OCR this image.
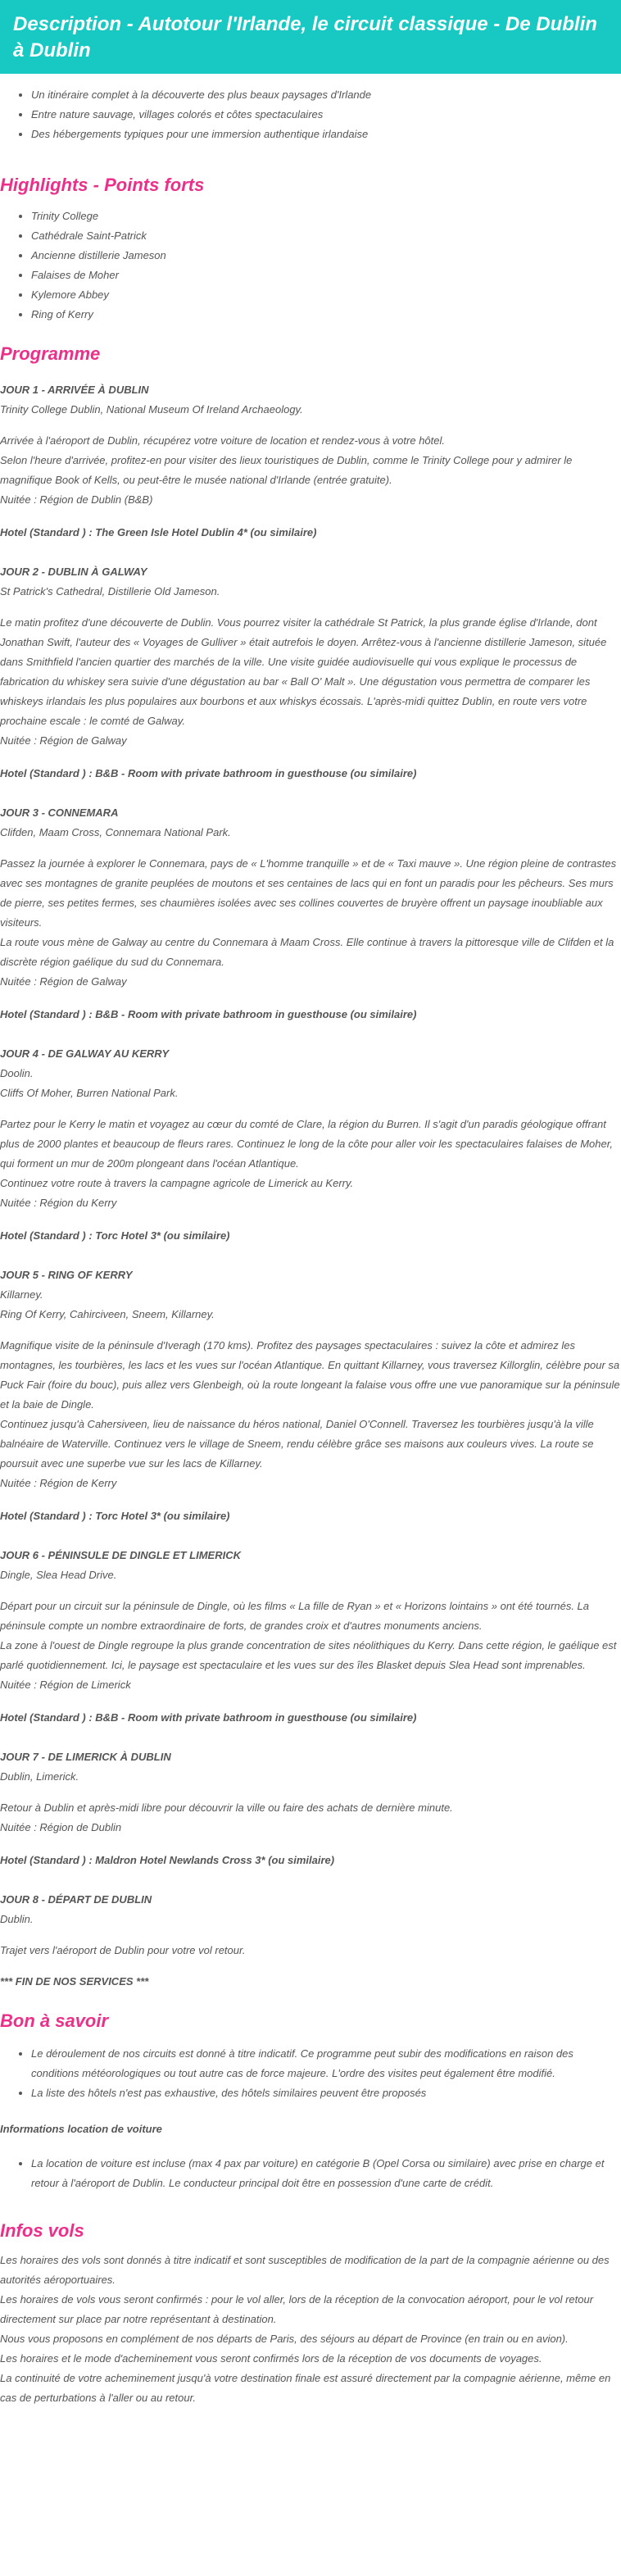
Description - Autotour l'Irlande, le circuit classique - De Dublin à Dublin
• Un itinéraire complet à la découverte des plus beaux paysages d'Irlande
• Entre nature sauvage, villages colorés et côtes spectaculaires
• Des hébergements typiques pour une immersion authentique irlandaise
Highlights - Points forts
• Trinity College
• Cathédrale Saint-Patrick
• Ancienne distillerie Jameson
• Falaises de Moher
• Kylemore Abbey
• Ring of Kerry
Programme
JOUR 1 - ARRIVÉE À DUBLIN
Trinity College Dublin, National Museum Of Ireland Archaeology.
Arrivée à l'aéroport de Dublin, récupérez votre voiture de location et rendez-vous à votre hôtel.
Selon l'heure d'arrivée, profitez-en pour visiter des lieux touristiques de Dublin, comme le Trinity College pour y admirer le magnifique Book of Kells, ou peut-être le musée national d'Irlande (entrée gratuite).
Nuitée : Région de Dublin (B&B)
Hotel (Standard ) : The Green Isle Hotel Dublin 4* (ou similaire)
JOUR 2 - DUBLIN À GALWAY
St Patrick's Cathedral, Distillerie Old Jameson.
Le matin profitez d'une découverte de Dublin. Vous pourrez visiter la cathédrale St Patrick, la plus grande église d'Irlande, dont Jonathan Swift, l'auteur des « Voyages de Gulliver » était autrefois le doyen. Arrêtez-vous à l'ancienne distillerie Jameson, située dans Smithfield l'ancien quartier des marchés de la ville. Une visite guidée audiovisuelle qui vous explique le processus de fabrication du whiskey sera suivie d'une dégustation au bar « Ball O' Malt ». Une dégustation vous permettra de comparer les whiskeys irlandais les plus populaires aux bourbons et aux whiskys écossais. L'après-midi quittez Dublin, en route vers votre prochaine escale : le comté de Galway.
Nuitée : Région de Galway
Hotel (Standard ) : B&B - Room with private bathroom in guesthouse (ou similaire)
JOUR 3 - CONNEMARA
Clifden, Maam Cross, Connemara National Park.
Passez la journée à explorer le Connemara, pays de « L'homme tranquille » et de « Taxi mauve ». Une région pleine de contrastes avec ses montagnes de granite peuplées de moutons et ses centaines de lacs qui en font un paradis pour les pêcheurs. Ses murs de pierre, ses petites fermes, ses chaumières isolées avec ses collines couvertes de bruyère offrent un paysage inoubliable aux visiteurs.
La route vous mène de Galway au centre du Connemara à Maam Cross. Elle continue à travers la pittoresque ville de Clifden et la discrète région gaélique du sud du Connemara.
Nuitée : Région de Galway
Hotel (Standard ) : B&B - Room with private bathroom in guesthouse (ou similaire)
JOUR 4 - DE GALWAY AU KERRY
Doolin.
Cliffs Of Moher, Burren National Park.
Partez pour le Kerry le matin et voyagez au cœur du comté de Clare, la région du Burren. Il s'agit d'un paradis géologique offrant plus de 2000 plantes et beaucoup de fleurs rares. Continuez le long de la côte pour aller voir les spectaculaires falaises de Moher, qui forment un mur de 200m plongeant dans l'océan Atlantique.
Continuez votre route à travers la campagne agricole de Limerick au Kerry.
Nuitée : Région du Kerry
Hotel (Standard ) : Torc Hotel 3* (ou similaire)
JOUR 5 - RING OF KERRY
Killarney.
Ring Of Kerry, Cahirciveen, Sneem, Killarney.
Magnifique visite de la péninsule d'Iveragh (170 kms). Profitez des paysages spectaculaires : suivez la côte et admirez les montagnes, les tourbières, les lacs et les vues sur l'océan Atlantique. En quittant Killarney, vous traversez Killorglin, célèbre pour sa Puck Fair (foire du bouc), puis allez vers Glenbeigh, où la route longeant la falaise vous offre une vue panoramique sur la péninsule et la baie de Dingle.
Continuez jusqu'à Cahersiveen, lieu de naissance du héros national, Daniel O'Connell. Traversez les tourbières jusqu'à la ville balnéaire de Waterville. Continuez vers le village de Sneem, rendu célèbre grâce ses maisons aux couleurs vives. La route se poursuit avec une superbe vue sur les lacs de Killarney.
Nuitée : Région de Kerry
Hotel (Standard ) : Torc Hotel 3* (ou similaire)
JOUR 6 - PÉNINSULE DE DINGLE ET LIMERICK
Dingle, Slea Head Drive.
Départ pour un circuit sur la péninsule de Dingle, où les films « La fille de Ryan » et « Horizons lointains » ont été tournés. La péninsule compte un nombre extraordinaire de forts, de grandes croix et d'autres monuments anciens.
La zone à l'ouest de Dingle regroupe la plus grande concentration de sites néolithiques du Kerry. Dans cette région, le gaélique est parlé quotidiennement. Ici, le paysage est spectaculaire et les vues sur des îles Blasket depuis Slea Head sont imprenables.
Nuitée : Région de Limerick
Hotel (Standard ) : B&B - Room with private bathroom in guesthouse (ou similaire)
JOUR 7 - DE LIMERICK À DUBLIN
Dublin, Limerick.
Retour à Dublin et après-midi libre pour découvrir la ville ou faire des achats de dernière minute.
Nuitée : Région de Dublin
Hotel (Standard ) : Maldron Hotel Newlands Cross 3* (ou similaire)
JOUR 8 - DÉPART DE DUBLIN
Dublin.
Trajet vers l'aéroport de Dublin pour votre vol retour.
*** FIN DE NOS SERVICES ***
Bon à savoir
• Le déroulement de nos circuits est donné à titre indicatif. Ce programme peut subir des modifications en raison des conditions météorologiques ou tout autre cas de force majeure. L'ordre des visites peut également être modifié.
• La liste des hôtels n'est pas exhaustive, des hôtels similaires peuvent être proposés
Informations location de voiture
• La location de voiture est incluse (max 4 pax par voiture) en catégorie B (Opel Corsa ou similaire) avec prise en charge et retour à l'aéroport de Dublin. Le conducteur principal doit être en possession d'une carte de crédit.
Infos vols
Les horaires des vols sont donnés à titre indicatif et sont susceptibles de modification de la part de la compagnie aérienne ou des autorités aéroportuaires.
Les horaires de vols vous seront confirmés : pour le vol aller, lors de la réception de la convocation aéroport, pour le vol retour directement sur place par notre représentant à destination.
Nous vous proposons en complément de nos départs de Paris, des séjours au départ de Province (en train ou en avion).
Les horaires et le mode d'acheminement vous seront confirmés lors de la réception de vos documents de voyages.
La continuité de votre acheminement jusqu'à votre destination finale est assuré directement par la compagnie aérienne, même en cas de perturbations à l'aller ou au retour.
